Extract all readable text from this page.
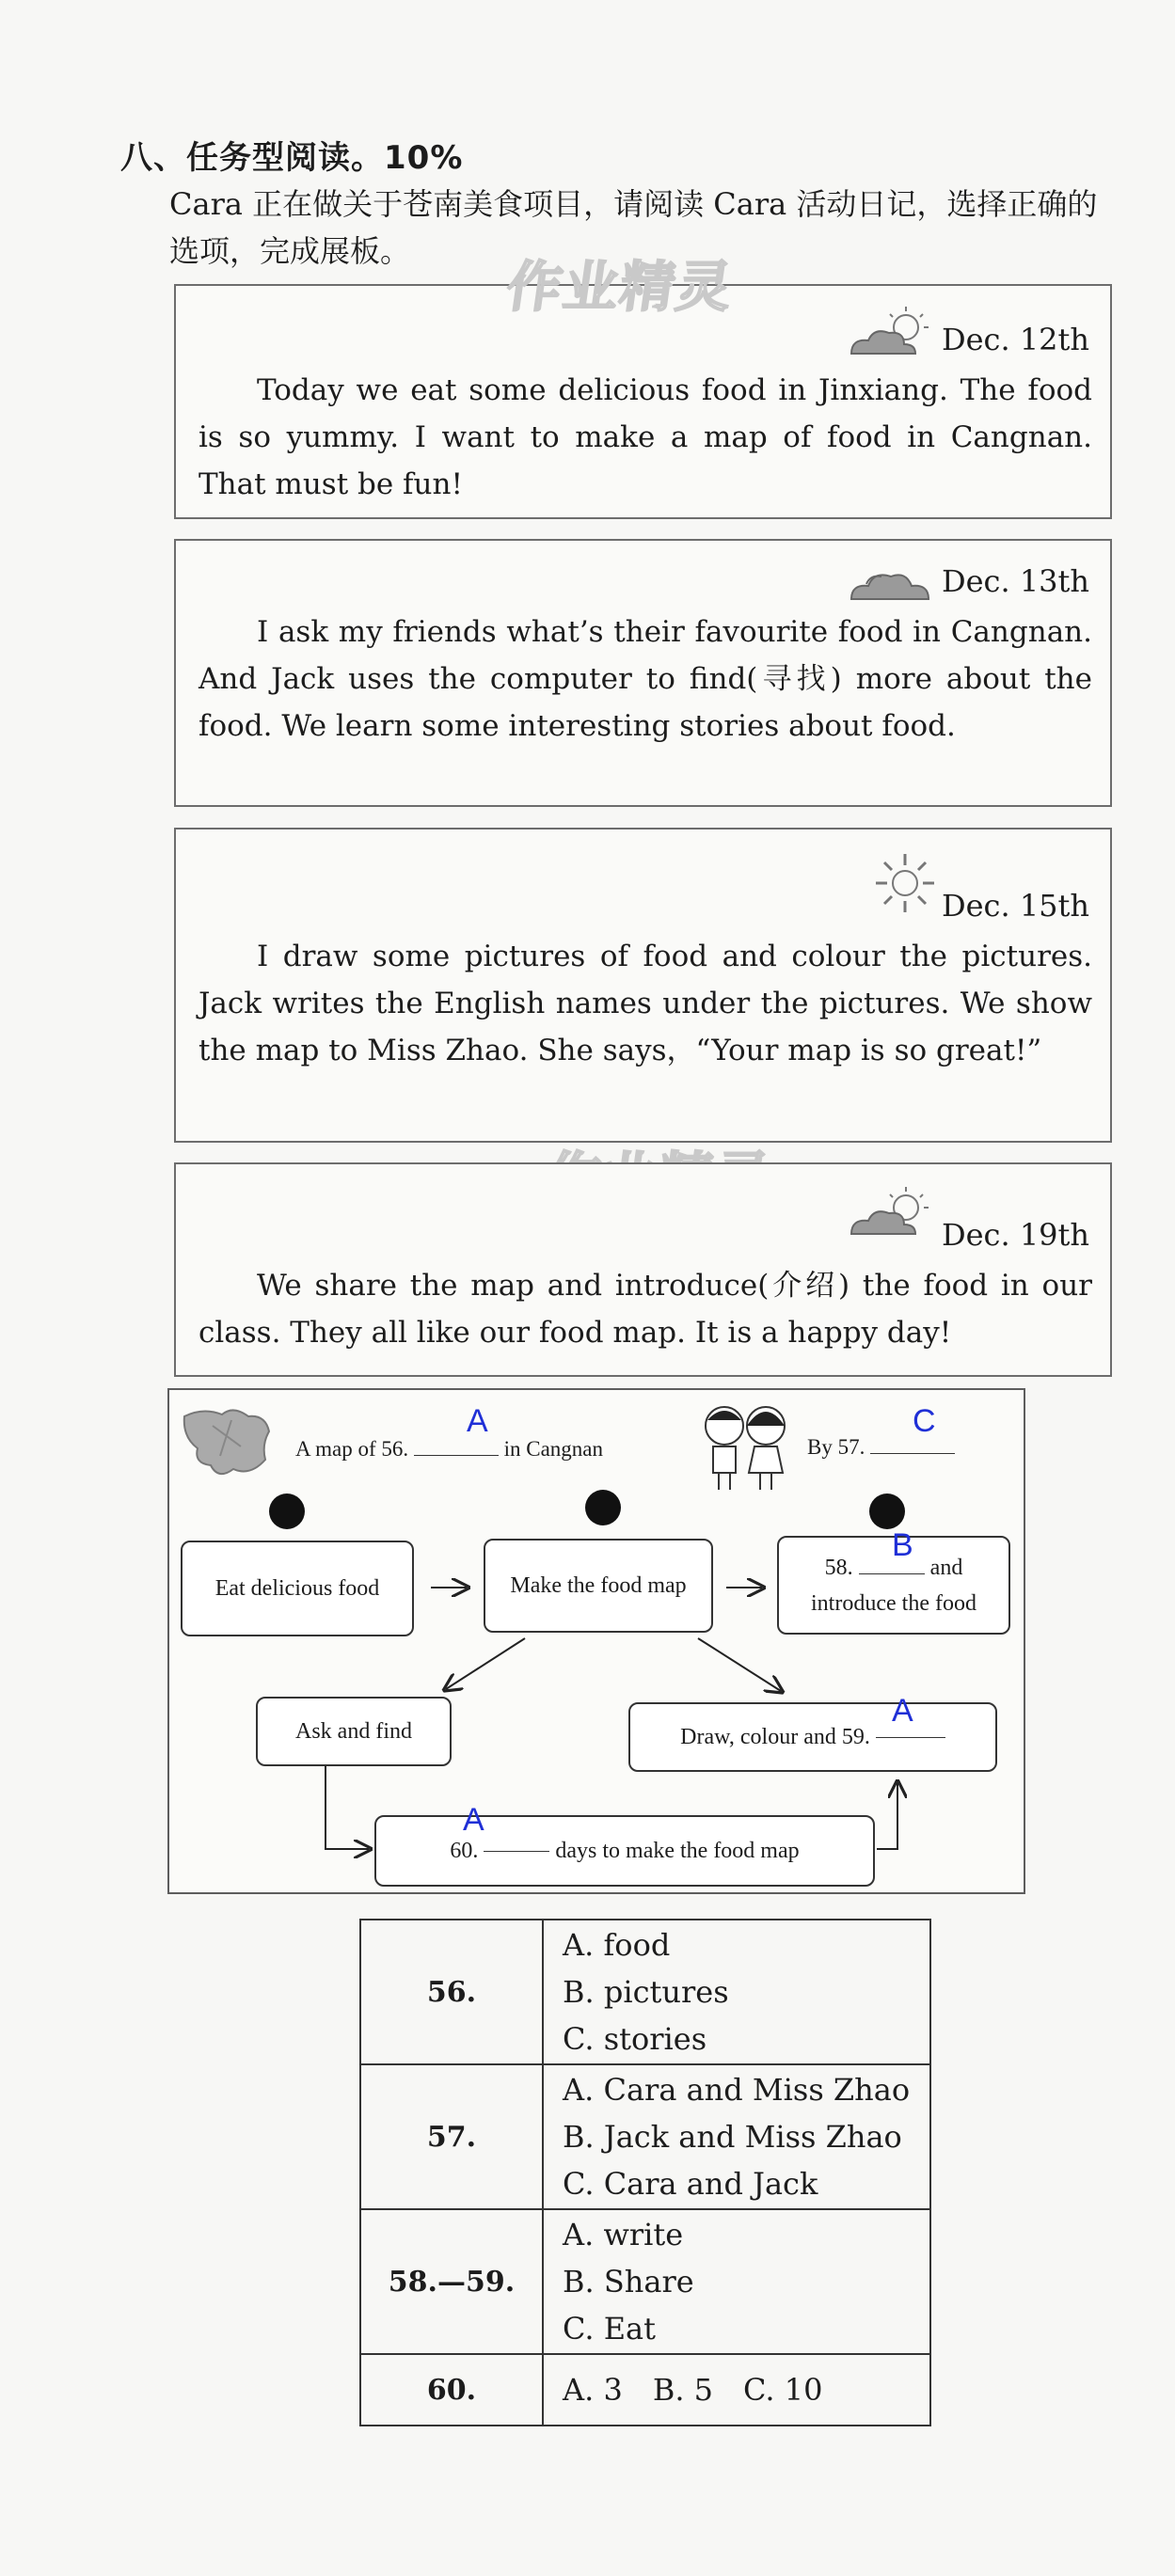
八、任务型阅读。10%
Cara 正在做关于苍南美食项目，请阅读 Cara 活动日记，选择正确的选项，完成展板。
Dec. 12th
Today we eat some delicious food in Jinxiang. The food is so yummy. I want to make a map of food in Cangnan. That must be fun!
作业精灵
Dec. 13th
I ask my friends what’s their favourite food in Cangnan. And Jack uses the computer to find(寻找) more about the food. We learn some interesting stories about food.
Dec. 15th
I draw some pictures of food and colour the pictures. Jack writes the English names under the pictures. We show the map to Miss Zhao. She says，“Your map is so great!”
Dec. 19th
We share the map and introduce(介绍) the food in our class. They all like our food map. It is a happy day!
A map of 56.	in Cangnan
A
By 57.
C
Eat delicious food	Make the food map
58.	and
introduce the food
B
Ask and find	Draw, colour and 59.

A
60.

	days to make the food map
A
56.	A. food
B. pictures
C. stories

57.	A. Cara and Miss Zhao
B. Jack and Miss Zhao
C. Cara and Jack

58.—59.	A. write
B. Share
C. Eat

60.	A. 3　B. 5　C. 10
